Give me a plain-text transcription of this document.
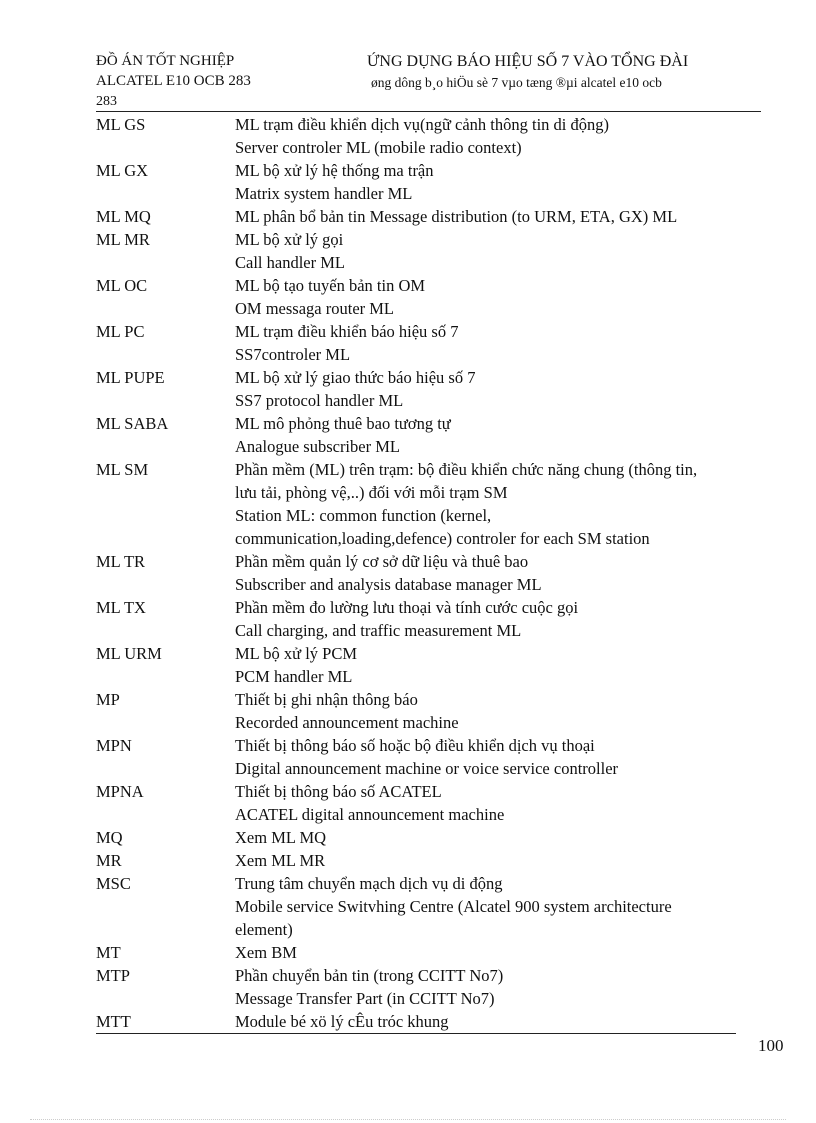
ĐỒ ÁN TỐT NGHIỆP
ALCATEL E10 OCB 283
283
ỨNG DỤNG BÁO HIỆU SỐ 7 VÀO TỔNG ĐÀI
øng dông b¸o hiÖu sè 7 vµo tæng ®µi alcatel e10 ocb
ML GS	ML trạm điều khiển dịch vụ(ngữ cảnh thông tin di động)
Server controler ML (mobile radio context)
ML GX	ML bộ xử lý hệ thống ma trận
Matrix system handler ML
ML MQ	ML phân bổ bản tin Message distribution (to URM, ETA, GX) ML
ML MR	ML bộ xử lý gọi
Call handler ML
ML OC	ML bộ tạo tuyến bản tin OM
OM messaga router ML
ML PC	ML trạm điều khiển báo hiệu số 7
SS7controler ML
ML PUPE	ML bộ xử lý giao thức báo hiệu số 7
SS7 protocol handler ML
ML SABA	ML mô phỏng thuê bao tương tự
Analogue subscriber ML
ML SM	Phần mềm (ML) trên trạm: bộ điều khiển chức năng chung (thông tin,
lưu tải, phòng vệ,..) đối với mỗi trạm SM
Station ML: common function (kernel,
communication,loading,defence) controler for each SM station
ML TR	Phần mềm quản lý cơ sở dữ liệu và thuê bao
Subscriber and analysis database manager ML
ML TX	Phần mềm đo lường lưu thoại và tính cước cuộc gọi
Call charging, and traffic measurement ML
ML URM	ML bộ xử lý PCM
PCM handler ML
MP	Thiết bị ghi nhận thông báo
Recorded announcement machine
MPN	Thiết bị thông báo số hoặc bộ điều khiển dịch vụ thoại
Digital announcement machine or voice service controller
MPNA	Thiết bị thông báo số ACATEL
ACATEL digital announcement machine
MQ	Xem ML MQ
MR	Xem ML MR
MSC	Trung tâm chuyển mạch dịch vụ di động
Mobile service Switvhing Centre (Alcatel 900 system architecture
element)
MT	Xem BM
MTP	Phần chuyển bản tin (trong CCITT No7)
Message Transfer Part (in CCITT No7)
MTT	Module bé xö lý cÊu tróc khung
100
